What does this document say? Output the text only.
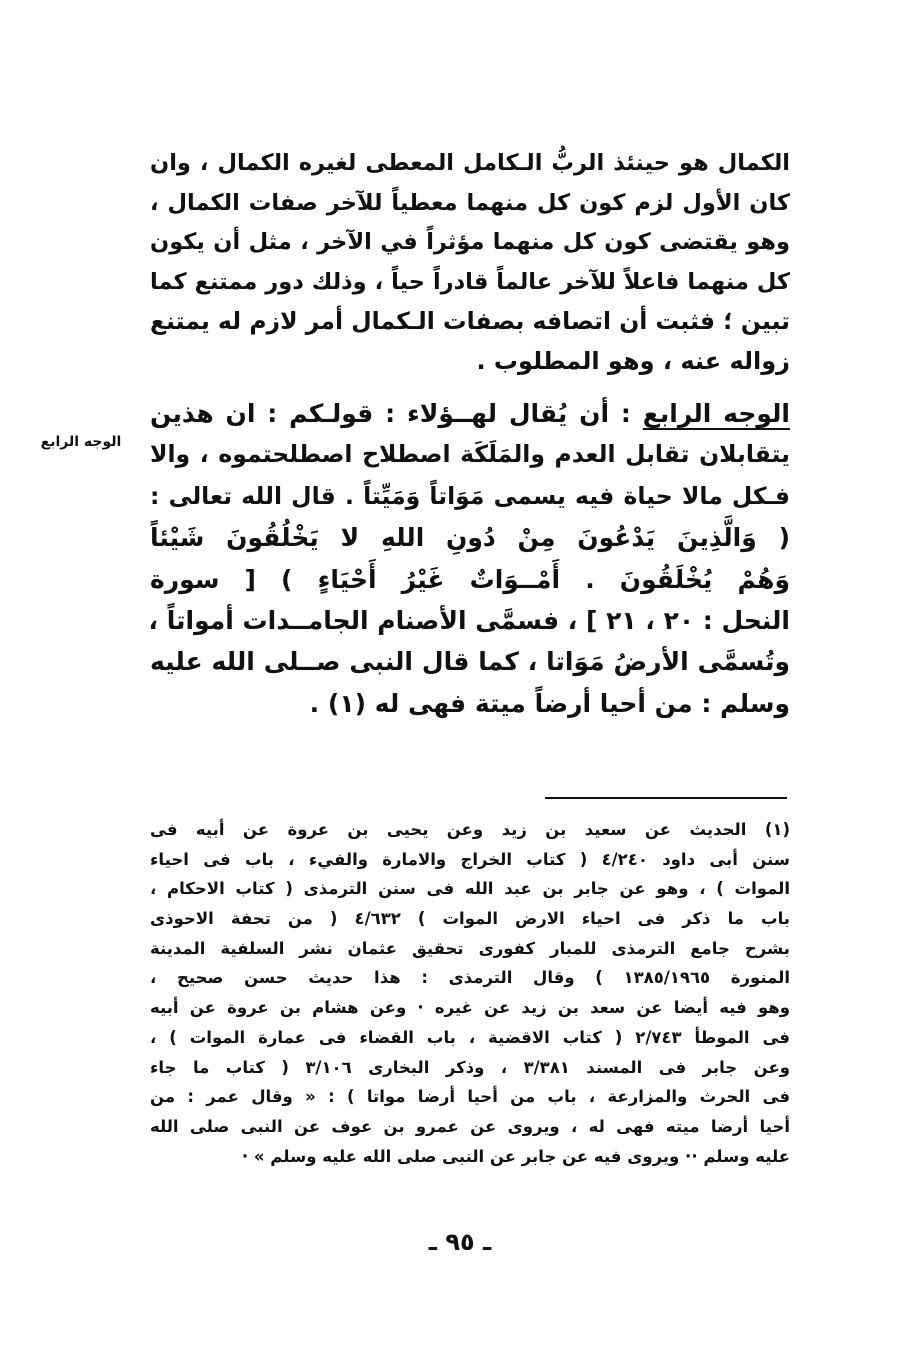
الكمال هو حينئذ الربُّ الـكامل المعطى لغيره الكمال ، وان

كان الأول لزم كون كل منهما معطياً للآخر صفات الكمال ،

وهو يقتضى كون كل منهما مؤثراً في الآخر ، مثل أن يكون

كل منهما فاعلاً للآخر عالماً قادراً حياً ، وذلك دور ممتنع كما

تبين ؛ فثبت أن اتصافه بصفات الـكمال أمر لازم له يمتنع

زواله عنه ، وهو المطلوب .

الوجه الرابع : أن يُقال لهــؤلاء : قولـكم : ان هذين

يتقابلان تقابل العدم والمَلَكَة اصطلاح اصطلحتموه ، والا

فـكل مالا حياة فيه يسمى مَوَاتاً وَمَيِّتاً . قال الله تعالى :

( وَالَّذِينَ يَدْعُونَ مِنْ دُونِ اللهِ لا يَخْلُقُونَ شَيْئاً

وَهُمْ يُخْلَقُونَ . أَمْــوَاتٌ غَيْرُ أَحْيَاءٍ ) [ سورة

النحل : ٢٠ ، ٢١ ] ، فسمَّى الأصنام الجامــدات أمواتاً ،

وتُسمَّى الأرضُ مَوَاتا ، كما قال النبى صــلى الله عليه

وسلم : من أحيا أرضاً ميتة فهى له (١) .

الوجه الرابع

(١) الحديث عن سعيد بن زيد وعن يحيى بن عروة عن أبيه فى

سنن أبى داود ٤/٢٤٠ ( كتاب الخراج والامارة والفيء ، باب فى احياء

الموات ) ، وهو عن جابر بن عبد الله فى سنن الترمذى ( كتاب الاحكام ،

باب ما ذكر فى احياء الارض الموات ) ٤/٦٣٢ ( من تحفة الاحوذى

بشرح جامع الترمذى للمبار كفورى تحقيق عثمان نشر السلفية المدينة

المنورة ١٣٨٥/١٩٦٥ ) وقال الترمذى : هذا حديث حسن صحيح ،

وهو فيه أيضا عن سعد بن زيد عن غيره · وعن هشام بن عروة عن أبيه

فى الموطأ ٢/٧٤٣ ( كتاب الاقضية ، باب القضاء فى عمارة الموات ) ،

وعن جابر فى المسند ٣/٣٨١ ، وذكر البخارى ٣/١٠٦ ( كتاب ما جاء

فى الحرث والمزارعة ، باب من أحيا أرضا مواتا ) : « وقال عمر : من

أحيا أرضا ميته فهى له ، ويروى عن عمرو بن عوف عن النبى صلى الله

عليه وسلم ·· ويروى فيه عن جابر عن النبى صلى الله عليه وسلم » ·

ـ ٩٥ ـ
